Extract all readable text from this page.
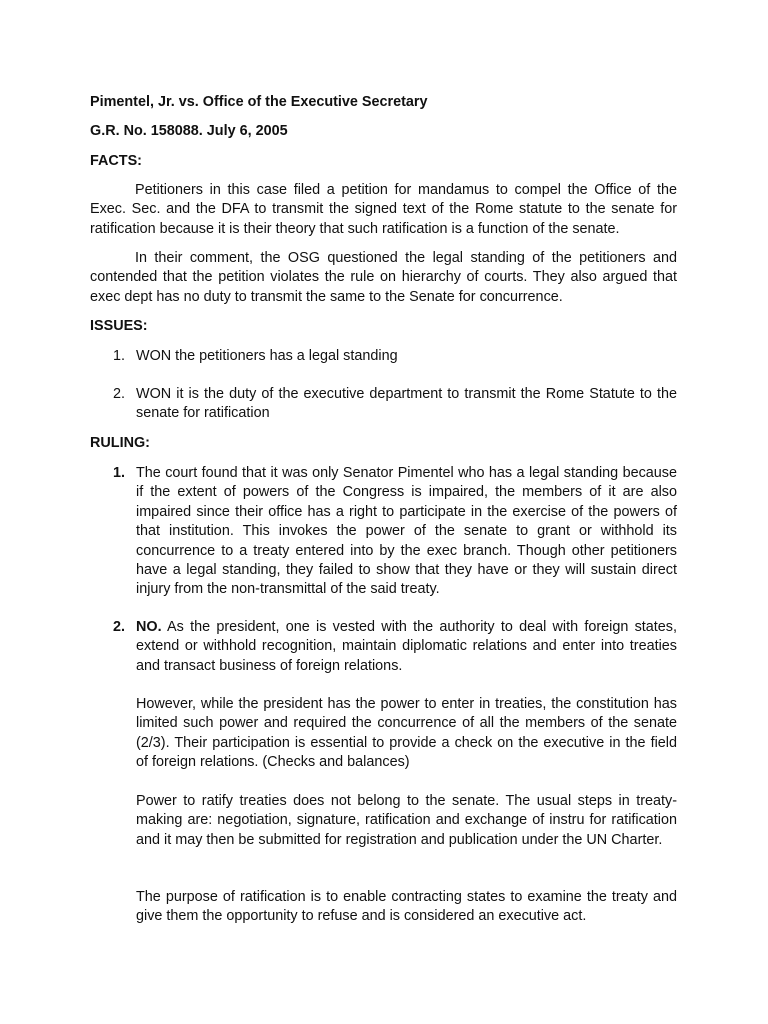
Pimentel, Jr. vs. Office of the Executive Secretary
G.R. No. 158088. July 6, 2005
FACTS:
Petitioners in this case filed a petition for mandamus to compel the Office of the Exec. Sec. and the DFA to transmit the signed text of the Rome statute to the senate for ratification because it is their theory that such ratification is a function of the senate.
In their comment, the OSG questioned the legal standing of the petitioners and contended that the petition violates the rule on hierarchy of courts. They also argued that exec dept has no duty to transmit the same to the Senate for concurrence.
ISSUES:
1. WON the petitioners has a legal standing
2. WON it is the duty of the executive department to transmit the Rome Statute to the senate for ratification
RULING:
1. The court found that it was only Senator Pimentel who has a legal standing because if the extent of powers of the Congress is impaired, the members of it are also impaired since their office has a right to participate in the exercise of the powers of that institution. This invokes the power of the senate to grant or withhold its concurrence to a treaty entered into by the exec branch. Though other petitioners have a legal standing, they failed to show that they have or they will sustain direct injury from the non-transmittal of the said treaty.
2. NO. As the president, one is vested with the authority to deal with foreign states, extend or withhold recognition, maintain diplomatic relations and enter into treaties and transact business of foreign relations.
However, while the president has the power to enter in treaties, the constitution has limited such power and required the concurrence of all the members of the senate (2/3). Their participation is essential to provide a check on the executive in the field of foreign relations. (Checks and balances)
Power to ratify treaties does not belong to the senate. The usual steps in treaty-making are: negotiation, signature, ratification and exchange of instru for ratification and it may then be submitted for registration and publication under the UN Charter.
The purpose of ratification is to enable contracting states to examine the treaty and give them the opportunity to refuse and is considered an executive act.
